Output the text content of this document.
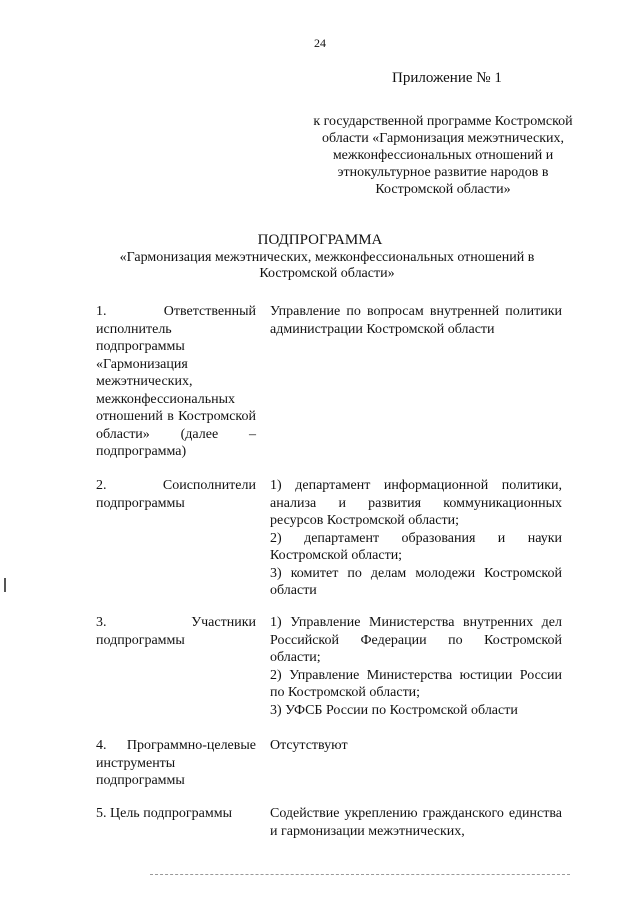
24
Приложение № 1
к государственной программе Костромской области «Гармонизация межэтнических, межконфессиональных отношений и этнокультурное развитие народов в Костромской области»
ПОДПРОГРАММА
«Гармонизация межэтнических, межконфессиональных отношений в Костромской области»
1. Ответственный исполнитель подпрограммы «Гармонизация межэтнических, межконфессиональных отношений в Костромской области» (далее – подпрограмма)

Управление по вопросам внутренней политики администрации Костромской области

2. Соисполнители подпрограммы

1) департамент информационной политики, анализа и развития коммуникационных ресурсов Костромской области;

2) департамент образования и науки Костромской области;

3) комитет по делам молодежи Костромской области

3. Участники подпрограммы

1) Управление Министерства внутренних дел Российской Федерации по Костромской области;

2) Управление Министерства юстиции России по Костромской области;

3) УФСБ России по Костромской области

4. Программно-целевые инструменты подпрограммы

Отсутствуют

5. Цель подпрограммы	Содействие укреплению гражданского единства и гармонизации межэтнических,
